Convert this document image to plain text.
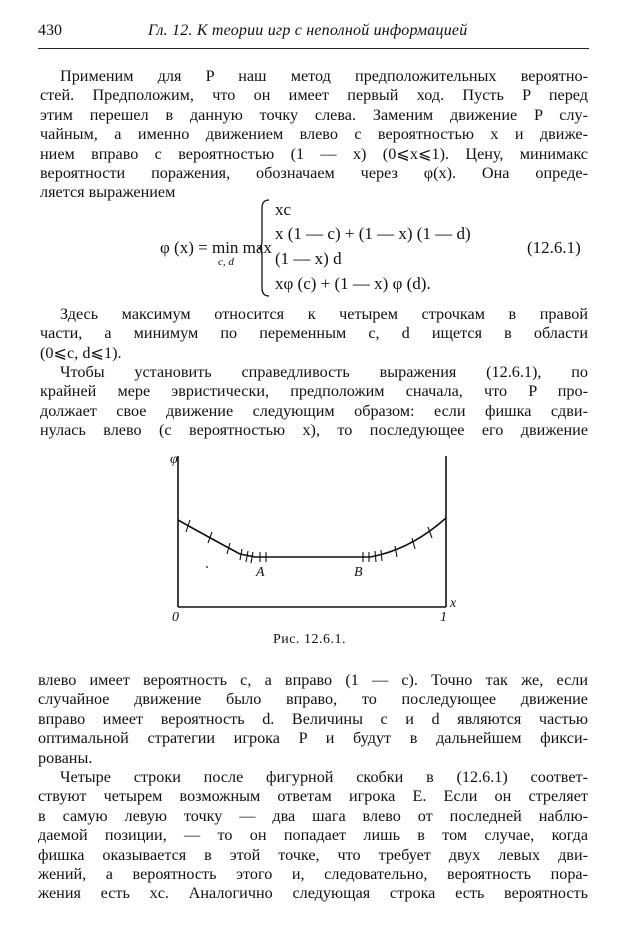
430	Гл. 12. К теории игр с неполной информацией
Применим для P наш метод предположительных вероятно-
стей. Предположим, что он имеет первый ход. Пусть P перед
этим перешел в данную точку слева. Заменим движение P слу-
чайным, а именно движением влево с вероятностью x и движе-
нием вправо с вероятностью (1 — x) (0⩽x⩽1). Цену, минимакс
вероятности поражения, обозначаем через φ(x). Она опреде-
ляется выражением
φ (x) = min max
c, d
xc
x (1 — c) + (1 — x) (1 — d)
(1 — x) d
xφ (c) + (1 — x) φ (d).
(12.6.1)
Здесь максимум относится к четырем строчкам в правой
части, а минимум по переменным c, d ищется в области
(0⩽c, d⩽1).
Чтобы установить справедливость выражения (12.6.1), по
крайней мере эвристически, предположим сначала, что P про-
должает свое движение следующим образом: если фишка сдви-
нулась влево (с вероятностью x), то последующее его движение
φ
x
0	1
A	B
Рис. 12.6.1.
влево имеет вероятность c, а вправо (1 — c). Точно так же, если
случайное движение было вправо, то последующее движение
вправо имеет вероятность d. Величины c и d являются частью
оптимальной стратегии игрока P и будут в дальнейшем фикси-
рованы.
Четыре строки после фигурной скобки в (12.6.1) соответ-
ствуют четырем возможным ответам игрока E. Если он стреляет
в самую левую точку — два шага влево от последней наблю-
даемой позиции, — то он попадает лишь в том случае, когда
фишка оказывается в этой точке, что требует двух левых дви-
жений, а вероятность этого и, следовательно, вероятность пора-
жения есть xc. Аналогично следующая строка есть вероятность
